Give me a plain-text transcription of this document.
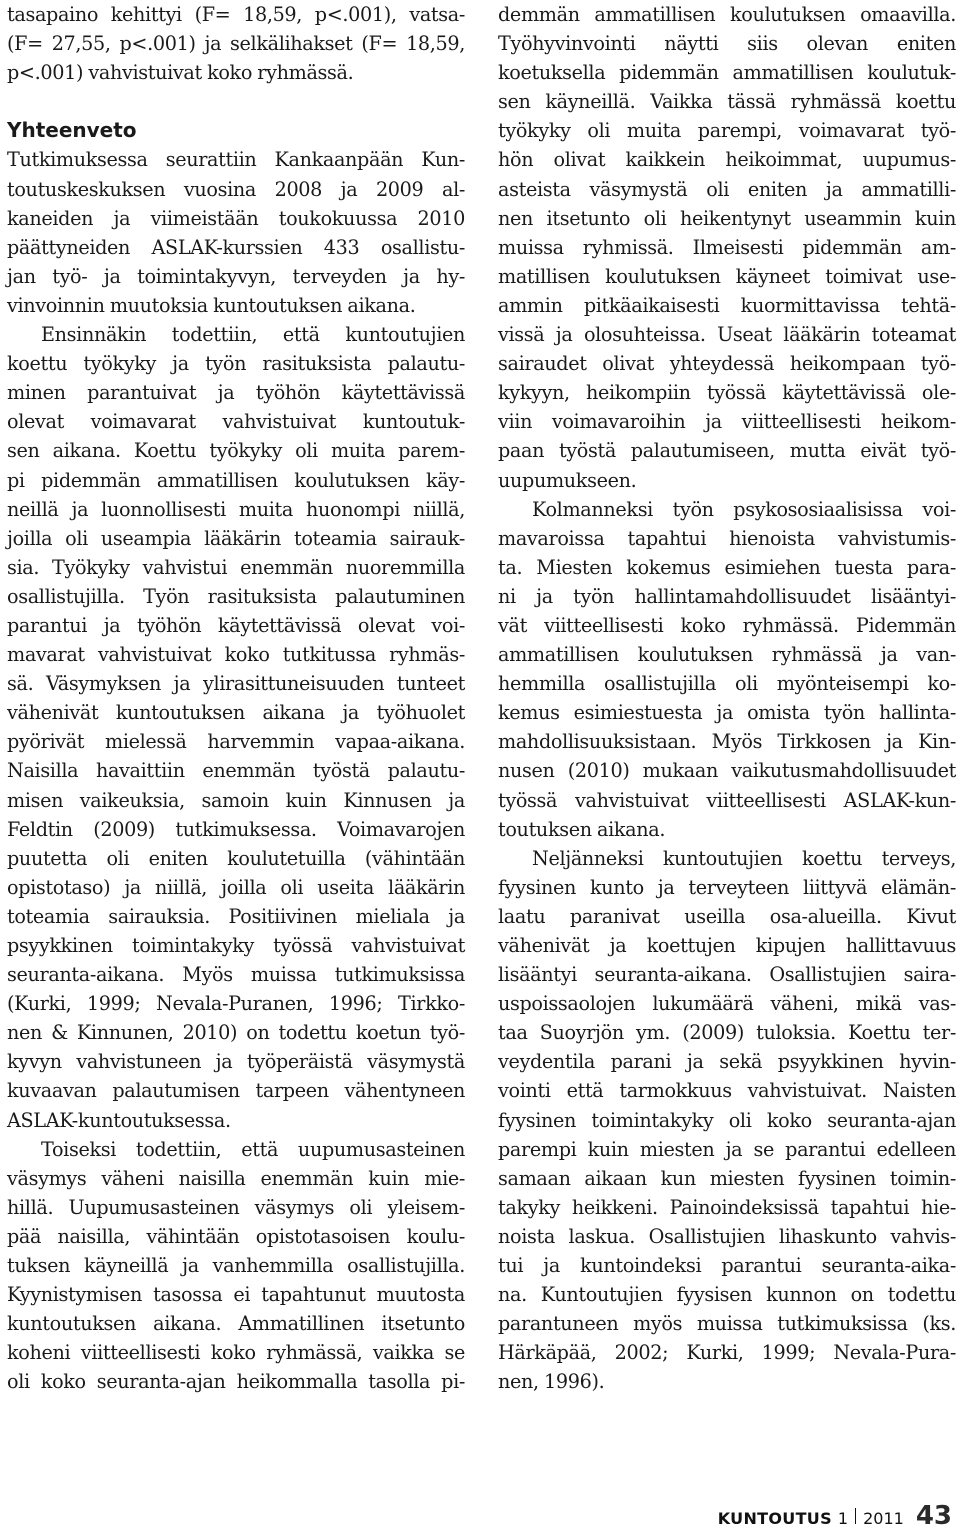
tasapaino kehittyi (F= 18,59, p<.001), vatsa-
(F= 27,55, p<.001) ja selkälihakset (F= 18,59,
p<.001) vahvistuivat koko ryhmässä.
Yhteenveto
Tutkimuksessa seurattiin Kankaanpään Kun-
toutuskeskuksen vuosina 2008 ja 2009 al-
kaneiden ja viimeistään toukokuussa 2010
päättyneiden ASLAK-kurssien 433 osallistu-
jan työ- ja toimintakyvyn, terveyden ja hy-
vinvoinnin muutoksia kuntoutuksen aikana.
Ensinnäkin todettiin, että kuntoutujien
koettu työkyky ja työn rasituksista palautu-
minen parantuivat ja työhön käytettävissä
olevat voimavarat vahvistuivat kuntoutuk-
sen aikana. Koettu työkyky oli muita parem-
pi pidemmän ammatillisen koulutuksen käy-
neillä ja luonnollisesti muita huonompi niillä,
joilla oli useampia lääkärin toteamia sairauk-
sia. Työkyky vahvistui enemmän nuoremmilla
osallistujilla. Työn rasituksista palautuminen
parantui ja työhön käytettävissä olevat voi-
mavarat vahvistuivat koko tutkitussa ryhmäs-
sä. Väsymyksen ja ylirasittuneisuuden tunteet
vähenivät kuntoutuksen aikana ja työhuolet
pyörivät mielessä harvemmin vapaa-aikana.
Naisilla havaittiin enemmän työstä palautu-
misen vaikeuksia, samoin kuin Kinnusen ja
Feldtin (2009) tutkimuksessa. Voimavarojen
puutetta oli eniten koulutetuilla (vähintään
opistotaso) ja niillä, joilla oli useita lääkärin
toteamia sairauksia. Positiivinen mieliala ja
psyykkinen toimintakyky työssä vahvistuivat
seuranta-aikana. Myös muissa tutkimuksissa
(Kurki, 1999; Nevala-Puranen, 1996; Tirkko-
nen & Kinnunen, 2010) on todettu koetun työ-
kyvyn vahvistuneen ja työperäistä väsymystä
kuvaavan palautumisen tarpeen vähentyneen
ASLAK-kuntoutuksessa.
Toiseksi todettiin, että uupumusasteinen
väsymys väheni naisilla enemmän kuin mie-
hillä. Uupumusasteinen väsymys oli yleisem-
pää naisilla, vähintään opistotasoisen koulu-
tuksen käyneillä ja vanhemmilla osallistujilla.
Kyynistymisen tasossa ei tapahtunut muutosta
kuntoutuksen aikana. Ammatillinen itsetunto
koheni viitteellisesti koko ryhmässä, vaikka se
oli koko seuranta-ajan heikommalla tasolla pi-
demmän ammatillisen koulutuksen omaavilla.
Työhyvinvointi näytti siis olevan eniten
koetuksella pidemmän ammatillisen koulutuk-
sen käyneillä. Vaikka tässä ryhmässä koettu
työkyky oli muita parempi, voimavarat työ-
hön olivat kaikkein heikoimmat, uupumus-
asteista väsymystä oli eniten ja ammatilli-
nen itsetunto oli heikentynyt useammin kuin
muissa ryhmissä. Ilmeisesti pidemmän am-
matillisen koulutuksen käyneet toimivat use-
ammin pitkäaikaisesti kuormittavissa tehtä-
vissä ja olosuhteissa. Useat lääkärin toteamat
sairaudet olivat yhteydessä heikompaan työ-
kykyyn, heikompiin työssä käytettävissä ole-
viin voimavaroihin ja viitteellisesti heikom-
paan työstä palautumiseen, mutta eivät työ-
uupumukseen.
Kolmanneksi työn psykososiaalisissa voi-
mavaroissa tapahtui hienoista vahvistumis-
ta. Miesten kokemus esimiehen tuesta para-
ni ja työn hallintamahdollisuudet lisääntyi-
vät viitteellisesti koko ryhmässä. Pidemmän
ammatillisen koulutuksen ryhmässä ja van-
hemmilla osallistujilla oli myönteisempi ko-
kemus esimiestuesta ja omista työn hallinta-
mahdollisuuksistaan. Myös Tirkkosen ja Kin-
nusen (2010) mukaan vaikutusmahdollisuudet
työssä vahvistuivat viitteellisesti ASLAK-kun-
toutuksen aikana.
Neljänneksi kuntoutujien koettu terveys,
fyysinen kunto ja terveyteen liittyvä elämän-
laatu paranivat useilla osa-alueilla. Kivut
vähenivät ja koettujen kipujen hallittavuus
lisääntyi seuranta-aikana. Osallistujien saira-
uspoissaolojen lukumäärä väheni, mikä vas-
taa Suoyrjön ym. (2009) tuloksia. Koettu ter-
veydentila parani ja sekä psyykkinen hyvin-
vointi että tarmokkuus vahvistuivat. Naisten
fyysinen toimintakyky oli koko seuranta-ajan
parempi kuin miesten ja se parantui edelleen
samaan aikaan kun miesten fyysinen toimin-
takyky heikkeni. Painoindeksissä tapahtui hie-
noista laskua. Osallistujien lihaskunto vahvis-
tui ja kuntoindeksi parantui seuranta-aika-
na. Kuntoutujien fyysisen kunnon on todettu
parantuneen myös muissa tutkimuksissa (ks.
Härkäpää, 2002; Kurki, 1999; Nevala-Pura-
nen, 1996).
KUNTOUTUS 1 2011 43
